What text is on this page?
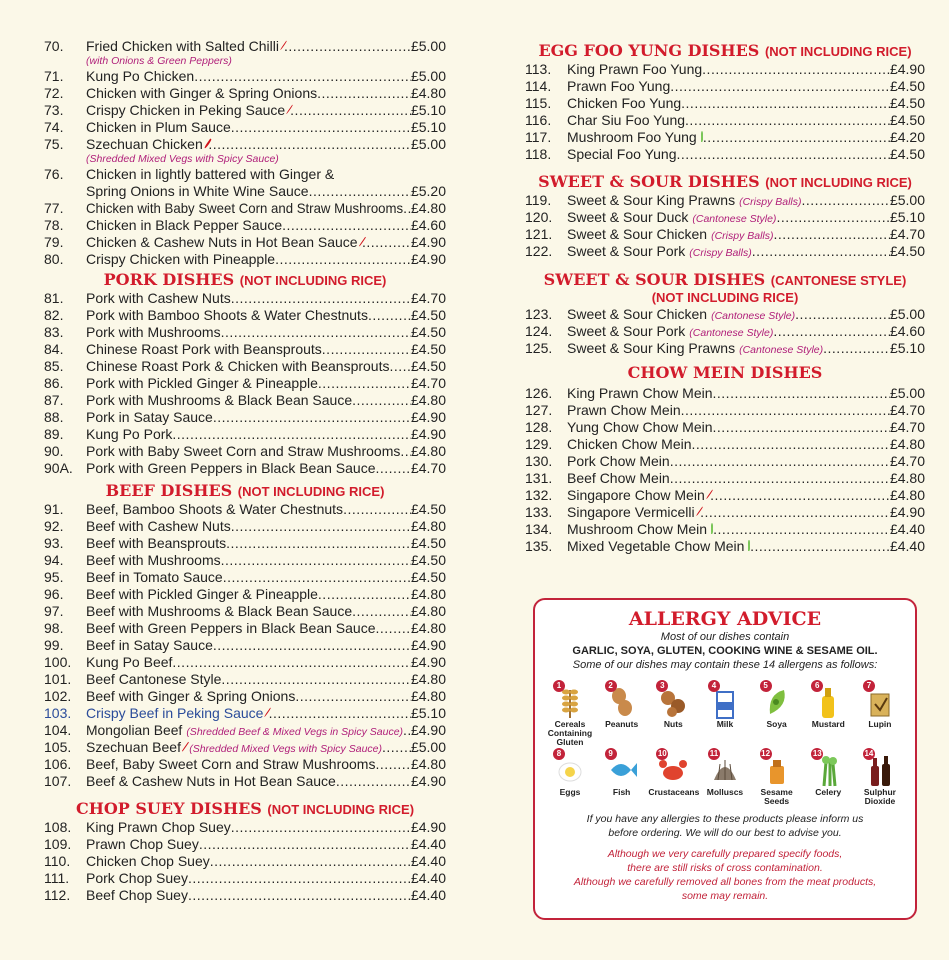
70.	Fried Chicken with Salted Chilli .....	£5.00
(with Onions & Green Peppers)
71.	Kung Po Chicken .....	£5.00
72.	Chicken with Ginger & Spring Onions .....	£4.80
73.	Crispy Chicken in Peking Sauce .....	£5.10
74.	Chicken in Plum Sauce .....	£5.10
75.	Szechuan Chicken .....	£5.00
(Shredded Mixed Vegs with Spicy Sauce)
76.	Chicken in lightly battered with Ginger &
Spring Onions in White Wine Sauce .....	£5.20
77.	Chicken with Baby Sweet Corn and Straw Mushrooms ..... £4.80
78.	Chicken in Black Pepper Sauce .....	£4.60
79.	Chicken & Cashew Nuts in Hot Bean Sauce .....	£4.90
80.	Crispy Chicken with Pineapple .....	£4.90
PORK DISHES (NOT INCLUDING RICE)
81.	Pork with Cashew Nuts .....	£4.70
82.	Pork with Bamboo Shoots & Water Chestnuts .....	£4.50
83.	Pork with Mushrooms .....	£4.50
84.	Chinese Roast Pork with Beansprouts .....	£4.50
85.	Chinese Roast Pork & Chicken with Beansprouts ..... £4.50
86.	Pork with Pickled Ginger & Pineapple .....	£4.70
87.	Pork with Mushrooms & Black Bean Sauce .....	£4.80
88.	Pork in Satay Sauce .....	£4.90
89.	Kung Po Pork .....	£4.90
90.	Pork with Baby Sweet Corn and Straw Mushrooms ..... £4.80
90A. Pork with Green Peppers in Black Bean Sauce .....	£4.70
BEEF DISHES (NOT INCLUDING RICE)
91.	Beef, Bamboo Shoots & Water Chestnuts .....	£4.50
92.	Beef with Cashew Nuts .....	£4.80
93.	Beef with Beansprouts .....	£4.50
94.	Beef with Mushrooms .....	£4.50
95.	Beef in Tomato Sauce .....	£4.50
96.	Beef with Pickled Ginger & Pineapple .....	£4.80
97.	Beef with Mushrooms & Black Bean Sauce .....	£4.80
98.	Beef with Green Peppers in Black Bean Sauce .....	£4.80
99.	Beef in Satay Sauce .....	£4.90
100.	Kung Po Beef .....	£4.90
101.	Beef Cantonese Style .....	£4.80
102.	Beef with Ginger & Spring Onions .....	£4.80
103.	Crispy Beef in Peking Sauce .....	£5.10
104.	Mongolian Beef (Shredded Beef & Mixed Vegs in Spicy Sauce) ..... £4.90
105.	Szechuan Beef (Shredded Mixed Vegs with Spicy Sauce) ..... £5.00
106.	Beef, Baby Sweet Corn and Straw Mushrooms .....	£4.80
107.	Beef & Cashew Nuts in Hot Bean Sauce .....	£4.90
CHOP SUEY DISHES (NOT INCLUDING RICE)
108.	King Prawn Chop Suey .....	£4.90
109.	Prawn Chop Suey .....	£4.40
110.	Chicken Chop Suey .....	£4.40
111.	Pork Chop Suey .....	£4.40
112.	Beef Chop Suey .....	£4.40
EGG FOO YUNG DISHES (NOT INCLUDING RICE)
113.	King Prawn Foo Yung .....	£4.90
114.	Prawn Foo Yung .....	£4.50
115.	Chicken Foo Yung .....	£4.50
116.	Char Siu Foo Yung .....	£4.50
117.	Mushroom Foo Yung .....	£4.20
118.	Special Foo Yung .....	£4.50
SWEET & SOUR DISHES (NOT INCLUDING RICE)
119.	Sweet & Sour King Prawns (Crispy Balls) .....	£5.00
120.	Sweet & Sour Duck (Cantonese Style) .....	£5.10
121.	Sweet & Sour Chicken (Crispy Balls) .....	£4.70
122.	Sweet & Sour Pork (Crispy Balls) .....	£4.50
SWEET & SOUR DISHES (CANTONESE STYLE)
(NOT INCLUDING RICE)
123.	Sweet & Sour Chicken (Cantonese Style) .....	£5.00
124.	Sweet & Sour Pork (Cantonese Style) .....	£4.60
125.	Sweet & Sour King Prawns (Cantonese Style) .....	£5.10
CHOW MEIN DISHES
126.	King Prawn Chow Mein .....	£5.00
127.	Prawn Chow Mein .....	£4.70
128.	Yung Chow Chow Mein .....	£4.70
129.	Chicken Chow Mein .....	£4.80
130.	Pork Chow Mein .....	£4.70
131.	Beef Chow Mein .....	£4.80
132.	Singapore Chow Mein .....	£4.80
133.	Singapore Vermicelli .....	£4.90
134.	Mushroom Chow Mein .....	£4.40
135.	Mixed Vegetable Chow Mein .....	£4.40
ALLERGY ADVICE
Most of our dishes contain
GARLIC, SOYA, GLUTEN, COOKING WINE & SESAME OIL.
Some of our dishes may contain these 14 allergens as follows:
1
Cereals Containing Gluten
2
Peanuts
3
Nuts
4
Milk
5
Soya
6
Mustard
7
Lupin
8
Eggs
9
Fish
10
Crustaceans
11
Molluscs
12
Sesame Seeds
13
Celery
14
Sulphur Dioxide
If you have any allergies to these products please inform us
before ordering. We will do our best to advise you.
Although we very carefully prepared specify foods,
there are still risks of cross contamination.
Although we carefully removed all bones from the meat products,
some may remain.
